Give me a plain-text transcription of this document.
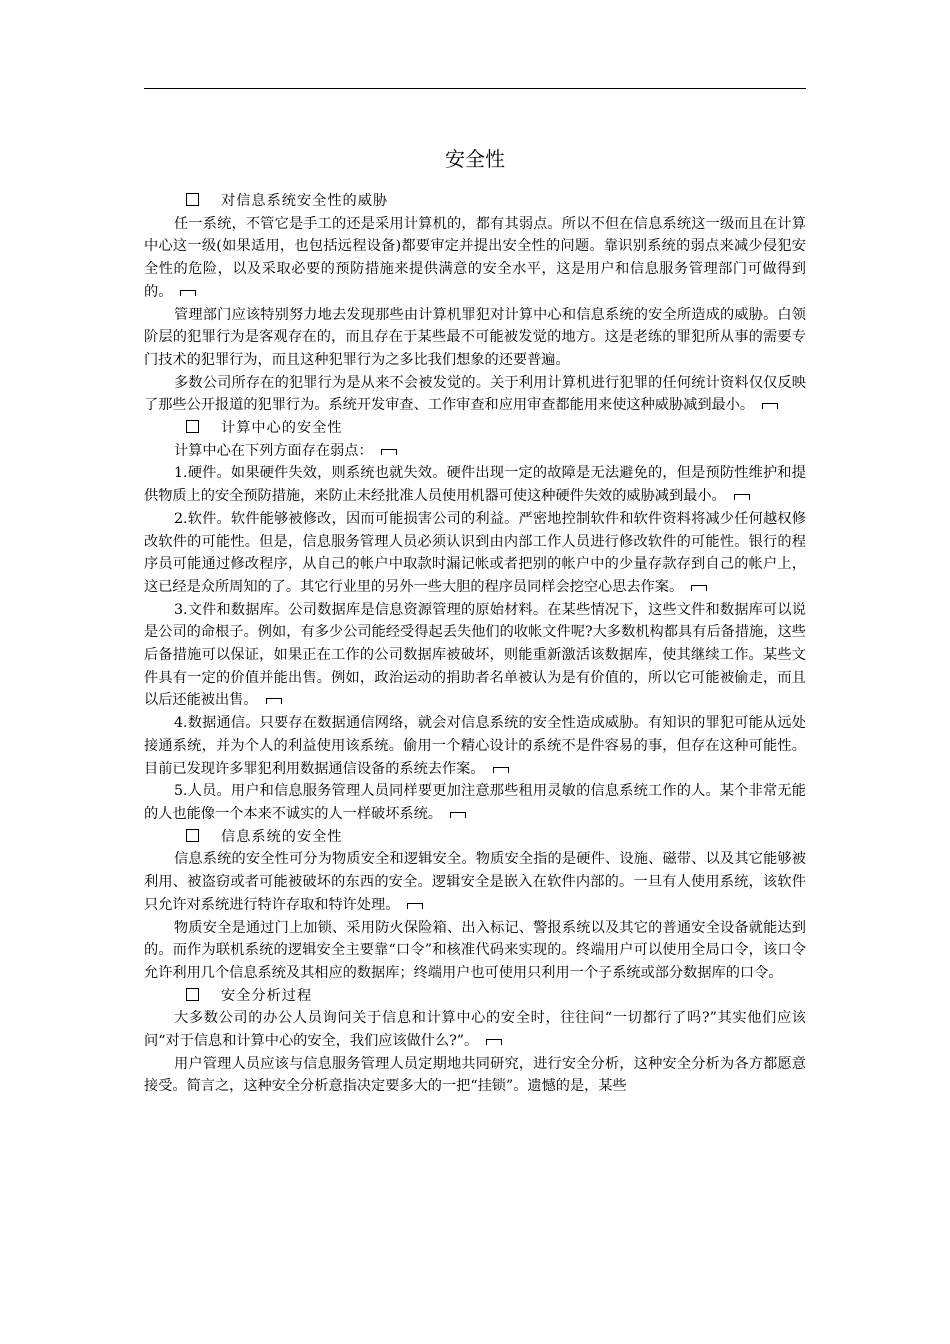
安全性

对信息系统安全性的威胁

任一系统，不管它是手工的还是采用计算机的，都有其弱点。所以不但在信息系统这一级而且在计算中心这一级(如果适用，也包括远程设备)都要审定并提出安全性的问题。靠识别系统的弱点来减少侵犯安全性的危险，以及采取必要的预防措施来提供满意的安全水平，这是用户和信息服务管理部门可做得到的。

管理部门应该特别努力地去发现那些由计算机罪犯对计算中心和信息系统的安全所造成的威胁。白领阶层的犯罪行为是客观存在的，而且存在于某些最不可能被发觉的地方。这是老练的罪犯所从事的需要专门技术的犯罪行为，而且这种犯罪行为之多比我们想象的还要普遍。

多数公司所存在的犯罪行为是从来不会被发觉的。关于利用计算机进行犯罪的任何统计资料仅仅反映了那些公开报道的犯罪行为。系统开发审查、工作审查和应用审查都能用来使这种威胁减到最小。

计算中心的安全性

计算中心在下列方面存在弱点：

1.硬件。如果硬件失效，则系统也就失效。硬件出现一定的故障是无法避免的，但是预防性维护和提供物质上的安全预防措施，来防止未经批准人员使用机器可使这种硬件失效的威胁减到最小。

2.软件。软件能够被修改，因而可能损害公司的利益。严密地控制软件和软件资料将减少任何越权修改软件的可能性。但是，信息服务管理人员必须认识到由内部工作人员进行修改软件的可能性。银行的程序员可能通过修改程序，从自己的帐户中取款时漏记帐或者把别的帐户中的少量存款存到自己的帐户上，这已经是众所周知的了。其它行业里的另外一些大胆的程序员同样会挖空心思去作案。

3.文件和数据库。公司数据库是信息资源管理的原始材料。在某些情况下，这些文件和数据库可以说是公司的命根子。例如，有多少公司能经受得起丢失他们的收帐文件呢?大多数机构都具有后备措施，这些后备措施可以保证，如果正在工作的公司数据库被破坏，则能重新激活该数据库，使其继续工作。某些文件具有一定的价值并能出售。例如，政治运动的捐助者名单被认为是有价值的，所以它可能被偷走，而且以后还能被出售。

4.数据通信。只要存在数据通信网络，就会对信息系统的安全性造成威胁。有知识的罪犯可能从远处接通系统，并为个人的利益使用该系统。偷用一个精心设计的系统不是件容易的事，但存在这种可能性。目前已发现许多罪犯利用数据通信设备的系统去作案。

5.人员。用户和信息服务管理人员同样要更加注意那些租用灵敏的信息系统工作的人。某个非常无能的人也能像一个本来不诚实的人一样破坏系统。

信息系统的安全性

信息系统的安全性可分为物质安全和逻辑安全。物质安全指的是硬件、设施、磁带、以及其它能够被利用、被盗窃或者可能被破坏的东西的安全。逻辑安全是嵌入在软件内部的。一旦有人使用系统，该软件只允许对系统进行特许存取和特许处理。

物质安全是通过门上加锁、采用防火保险箱、出入标记、警报系统以及其它的普通安全设备就能达到的。而作为联机系统的逻辑安全主要靠“口令”和核准代码来实现的。终端用户可以使用全局口令，该口令允许利用几个信息系统及其相应的数据库；终端用户也可使用只利用一个子系统或部分数据库的口令。

安全分析过程

大多数公司的办公人员询问关于信息和计算中心的安全时，往往问“一切都行了吗?”其实他们应该问“对于信息和计算中心的安全，我们应该做什么?”。

用户管理人员应该与信息服务管理人员定期地共同研究，进行安全分析，这种安全分析为各方都愿意接受。简言之，这种安全分析意指决定要多大的一把“挂锁”。遗憾的是，某些
